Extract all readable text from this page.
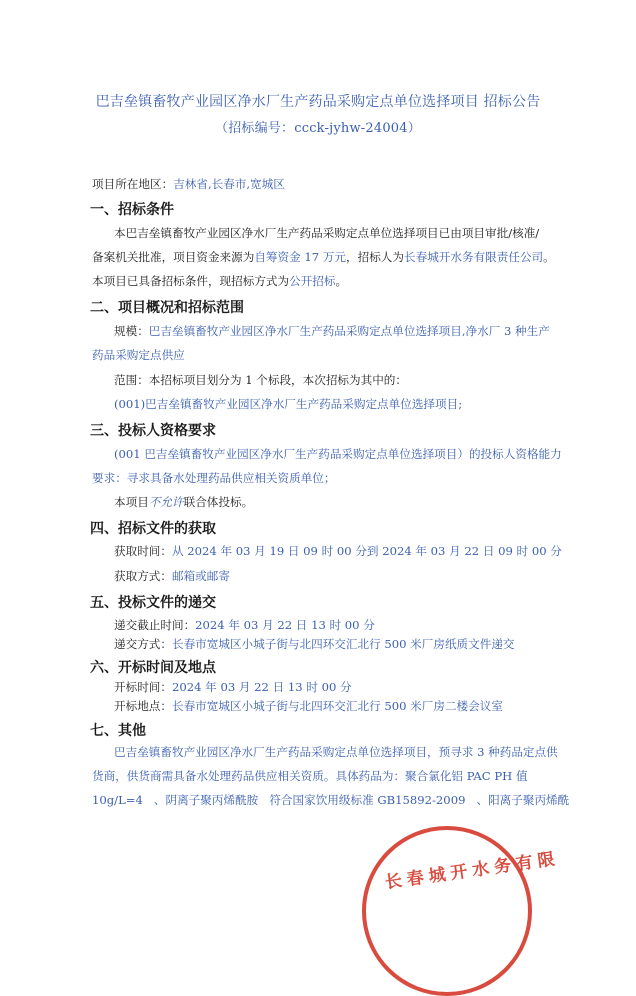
巴吉垒镇畜牧产业园区净水厂生产药品采购定点单位选择项目 招标公告
（招标编号：ccck-jyhw-24004）
项目所在地区：吉林省,长春市,宽城区
一、招标条件
本巴吉垒镇畜牧产业园区净水厂生产药品采购定点单位选择项目已由项目审批/核准/
备案机关批准，项目资金来源为自筹资金 17 万元，招标人为长春城开水务有限责任公司。
本项目已具备招标条件，现招标方式为公开招标。
二、项目概况和招标范围
规模：巴吉垒镇畜牧产业园区净水厂生产药品采购定点单位选择项目,净水厂 3 种生产
药品采购定点供应
范围：本招标项目划分为 1 个标段，本次招标为其中的：
(001)巴吉垒镇畜牧产业园区净水厂生产药品采购定点单位选择项目;
三、投标人资格要求
(001 巴吉垒镇畜牧产业园区净水厂生产药品采购定点单位选择项目）的投标人资格能力
要求：寻求具备水处理药品供应相关资质单位；
本项目不允许联合体投标。
四、招标文件的获取
获取时间：从 2024 年 03 月 19 日 09 时 00 分到 2024 年 03 月 22 日 09 时 00 分
获取方式：邮箱或邮寄
五、投标文件的递交
递交截止时间：2024 年 03 月 22 日 13 时 00 分
递交方式：长春市宽城区小城子街与北四环交汇北行 500 米厂房纸质文件递交
六、开标时间及地点
开标时间：2024 年 03 月 22 日 13 时 00 分
开标地点：长春市宽城区小城子街与北四环交汇北行 500 米厂房二楼会议室
七、其他
巴吉垒镇畜牧产业园区净水厂生产药品采购定点单位选择项目，预寻求 3 种药品定点供
货商，供货商需具备水处理药品供应相关资质。具体药品为：聚合氯化铝 PAC PH 值
10g/L=4   、阴离子聚丙烯酰胺   符合国家饮用级标准 GB15892-2009   、阳离子聚丙烯酰
长春城开水务有限
